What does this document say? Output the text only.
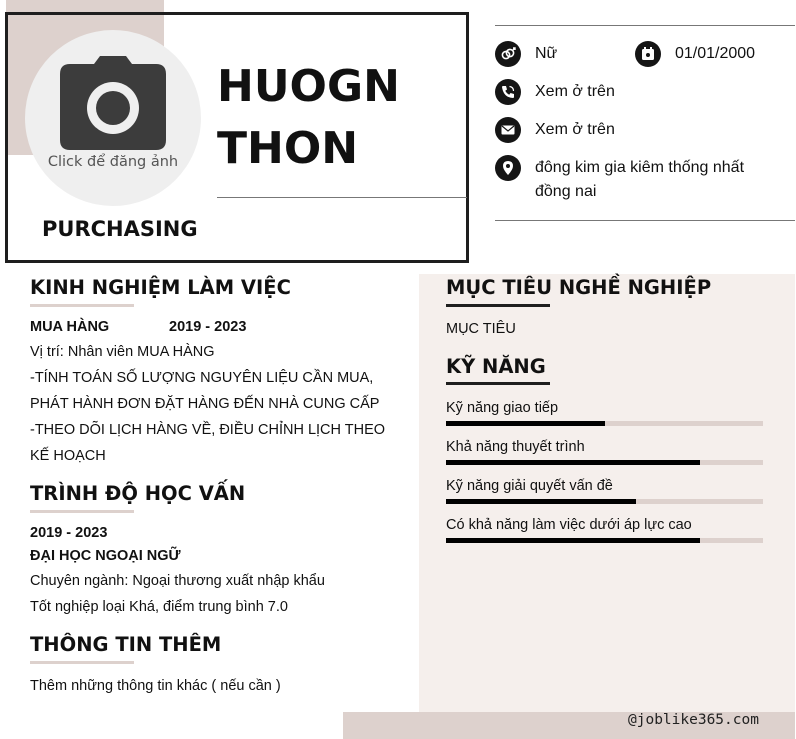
Click để đăng ảnh
HUOGN
THON
PURCHASING
Nữ	01/01/2000
Xem ở trên
Xem ở trên
đông kim gia kiêm thống nhất
đồng nai
KINH NGHIỆM LÀM VIỆC
MUA HÀNG	2019 - 2023
Vị trí: Nhân viên MUA HÀNG
-TÍNH TOÁN SỐ LƯỢNG NGUYÊN LIỆU CẦN MUA,
PHÁT HÀNH ĐƠN ĐẶT HÀNG ĐẾN NHÀ CUNG CẤP
-THEO DÕI LỊCH HÀNG VỀ, ĐIỀU CHỈNH LỊCH THEO
KẾ HOẠCH
TRÌNH ĐỘ HỌC VẤN
2019 - 2023
ĐẠI HỌC NGOẠI NGỮ
Chuyên ngành: Ngoại thương xuất nhập khẩu
Tốt nghiệp loại Khá, điểm trung bình 7.0
THÔNG TIN THÊM
Thêm những thông tin khác ( nếu cần )
MỤC TIÊU NGHỀ NGHIỆP
MỤC TIÊU
KỸ NĂNG
Kỹ năng giao tiếp
Khả năng thuyết trình
Kỹ năng giải quyết vấn đề
Có khả năng làm việc dưới áp lực cao
@joblike365.com
